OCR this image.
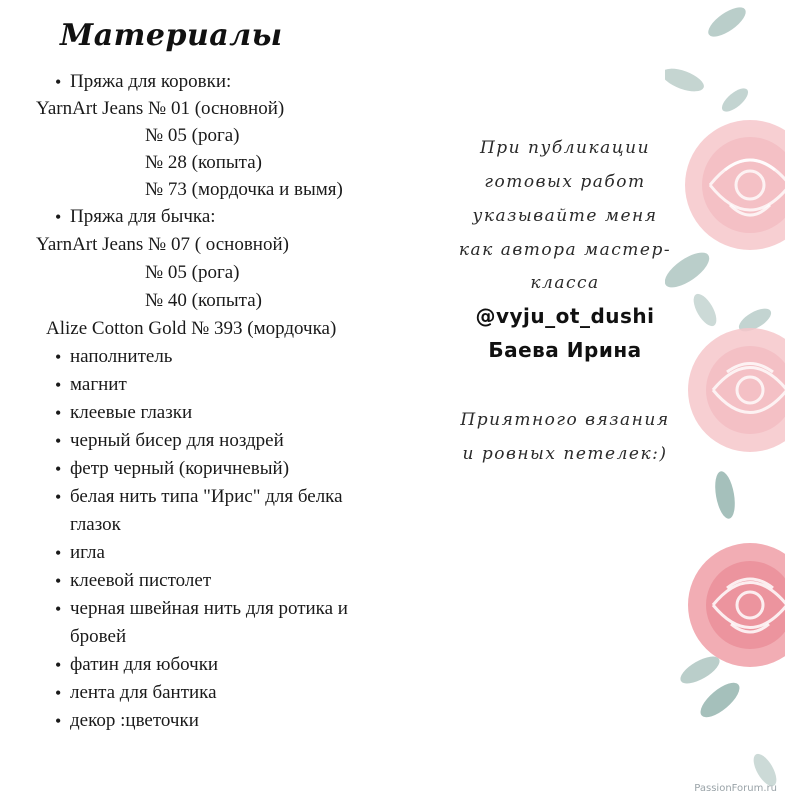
Материалы
• Пряжа для коровки:
YarnArt Jeans № 01 (основной)
№ 05 (рога)
№ 28 (копыта)
№ 73 (мордочка и вымя)
• Пряжа для бычка:
YarnArt Jeans № 07 ( основной)
№ 05 (рога)
№ 40 (копыта)
Alize Cotton Gold № 393 (мордочка)
• наполнитель
• магнит
• клеевые глазки
• черный бисер для ноздрей
• фетр черный (коричневый)
• белая нить типа "Ирис" для белка
глазок
• игла
• клеевой пистолет
• черная швейная нить для ротика и
бровей
• фатин для юбочки
• лента для бантика
• декор :цветочки
При публикации
готовых работ
указывайте меня
как автора мастер-
класса
@vyju_ot_dushi
Баева Ирина
Приятного вязания
и ровных петелек:)
PassionForum.ru
